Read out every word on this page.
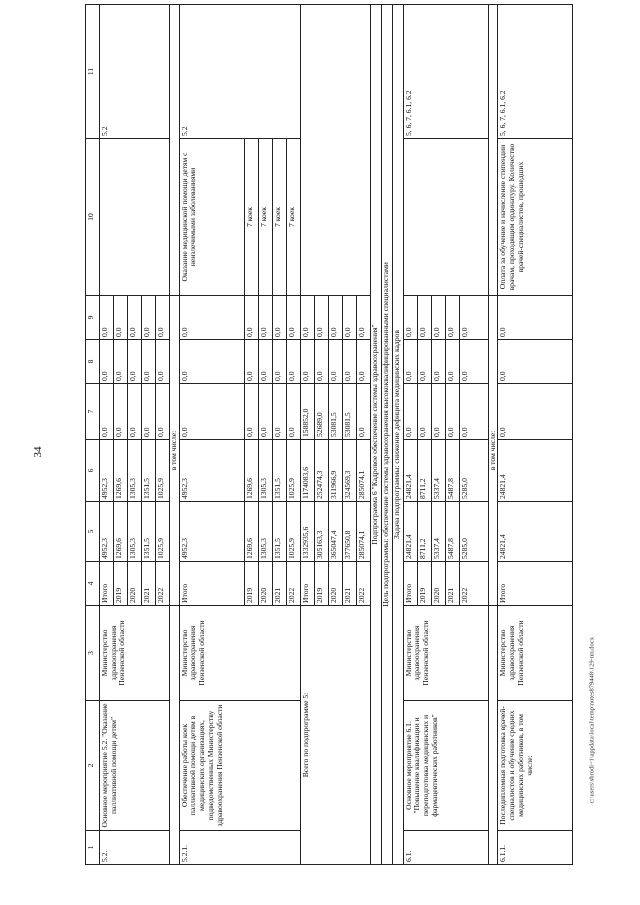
34
c:\users\sbrodi~1\appdata\local\temp\notes879448\129-пп.docx
1	2	3	4	5	6	7	8	9	10	11
5.2.	Основное мероприятие 5.2. "Оказание паллиативной помощи детям"	Министерство здравоохранения Пензенской области	Итого	4952,3	4952,3	0,0	0,0	0,0		5.2
			2019	1269,6	1269,6	0,0	0,0	0,0		
			2020	1305,3	1305,3	0,0	0,0	0,0		
			2021	1351,5	1351,5	0,0	0,0	0,0		
			2022	1025,9	1025,9	0,0	0,0	0,0		
			в том числе:							
5.2.1.	Обеспечение работы коек паллиативной помощи детям в медицинских организациях, подведомственных Министерству здравоохранения Пензенской области	Министерство здравоохранения Пензенской области	Итого	4952,3	4952,3	0,0	0,0	0,0	Оказание медицинской помощи детям с неизлечимыми заболеваниями	5.2
			2019	1269,6	1269,6	0,0	0,0	0,0	7 коек	
			2020	1305,3	1305,3	0,0	0,0	0,0	7 коек	
			2021	1351,5	1351,5	0,0	0,0	0,0	7 коек	
			2022	1025,9	1025,9	0,0	0,0	0,0	7 коек	
Всего по подпрограмме 5:			Итого	1332935,6	1174083,6	158852,0	0,0	0,0		
			2019	305163,3	252474,3	52689,0	0,0	0,0		
			2020	365047,4	311966,9	53081,5	0,0	0,0		
			2021	377650,8	324569,3	53081,5	0,0	0,0		
			2022	285074,1	285074,1	0,0	0,0	0,0		
Подпрограмма 6 "Кадровое обеспечение системы здравоохранения"										
Цель подпрограммы: обеспечение системы здравоохранения высококвалифицированными специалистами										
Задача подпрограммы: снижение дефицита медицинских кадров										
6.1.	Основное мероприятие 6.1. "Повышение квалификации и переподготовка медицинских и фармацевтических работников"	Министерство здравоохранения Пензенской области	Итого	24821,4	24821,4	0,0	0,0	0,0		5, 6, 7, 6.1, 6.2
			2019	8711,2	8711,2	0,0	0,0	0,0		
			2020	5337,4	5337,4	0,0	0,0	0,0		
			2021	5487,8	5487,8	0,0	0,0	0,0		
			2022	5285,0	5285,0	0,0	0,0	0,0		
			в том числе:							
6.1.1.	Последипломная подготовка врачей-специалистов и обучение средних медицинских работников, в том числе:	Министерство здравоохранения Пензенской области	Итого	24821,4	24821,4	0,0	0,0	0,0	Оплата за обучение и начисление стипендии врачам, проходящим ординатуру. Количество врачей-специалистов, прошедших	5, 6, 7, 6.1, 6.2
